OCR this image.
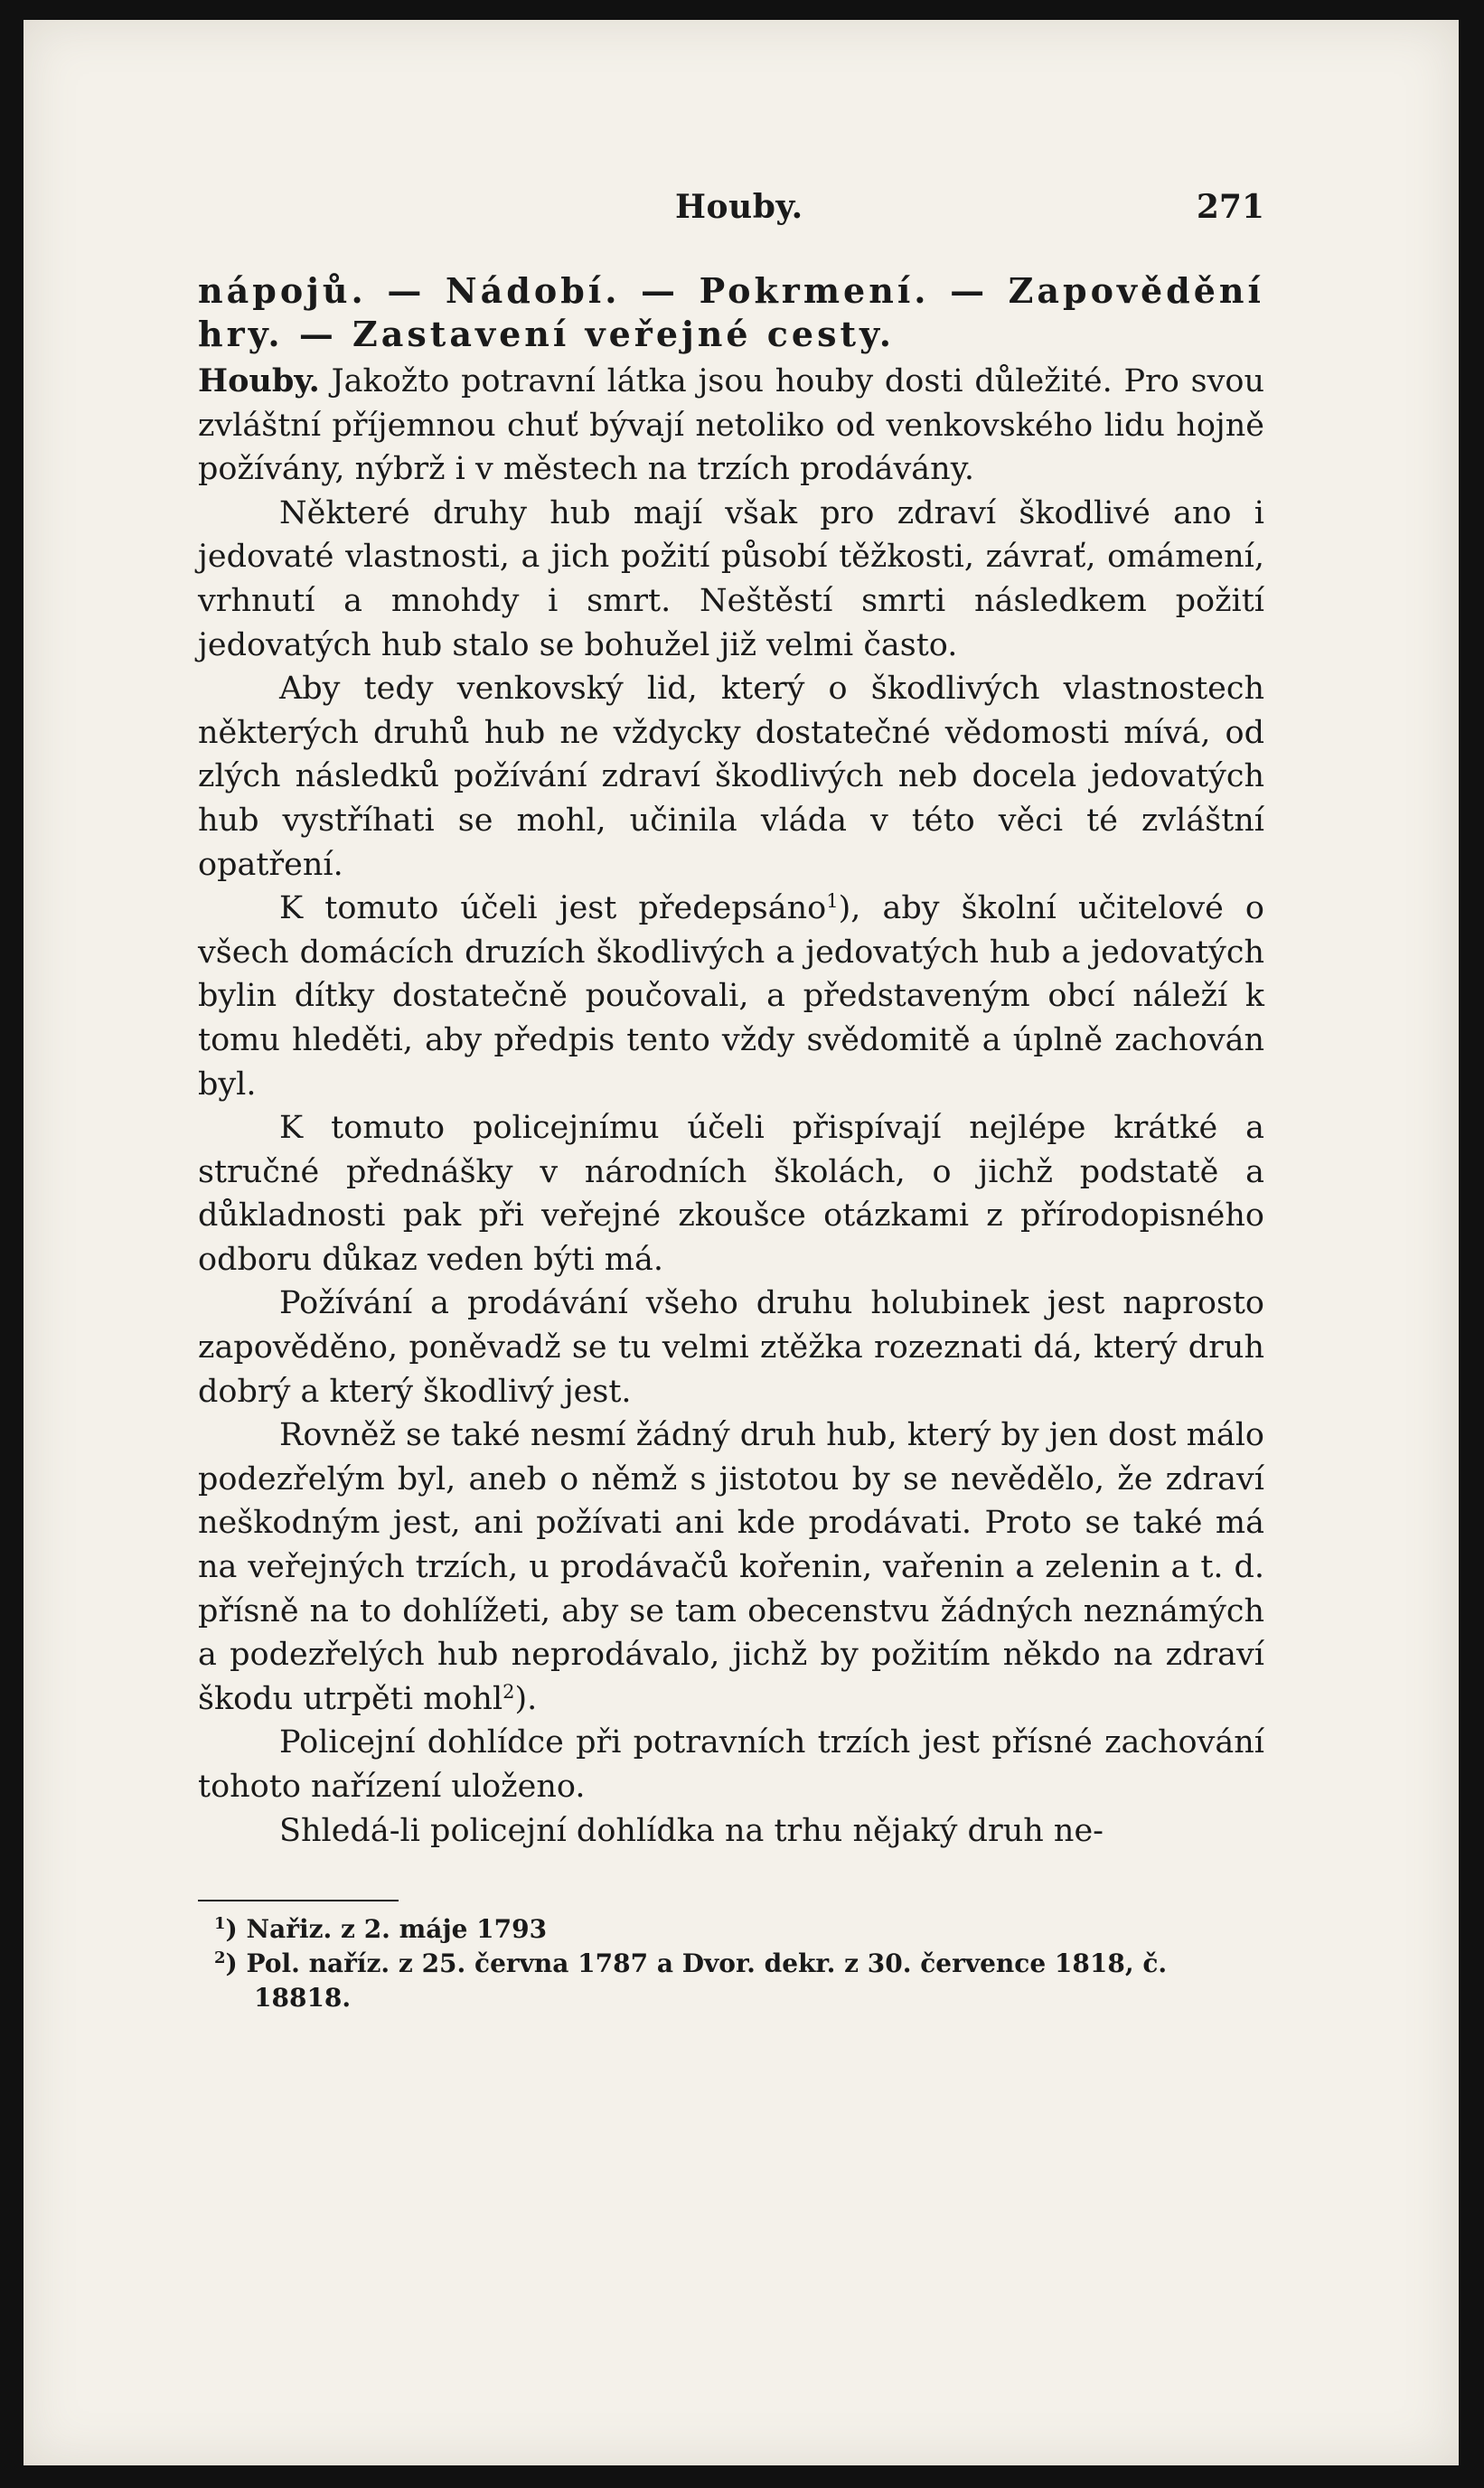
Houby.	271
nápojů. — Nádobí. — Pokrmení. — Zapovědění hry. — Zastavení veřejné cesty.

Houby. Jakožto potravní látka jsou houby dosti důležité. Pro svou zvláštní příjemnou chuť bývají netoliko od venkovského lidu hojně požívány, nýbrž i v městech na trzích prodávány.

Některé druhy hub mají však pro zdraví škodlivé ano i jedovaté vlastnosti, a jich požití působí těžkosti, závrať, omámení, vrhnutí a mnohdy i smrt. Neštěstí smrti následkem požití jedovatých hub stalo se bohužel již velmi často.

Aby tedy venkovský lid, který o škodlivých vlastnostech některých druhů hub ne vždycky dostatečné vědomosti mívá, od zlých následků požívání zdraví škodlivých neb docela jedovatých hub vystříhati se mohl, učinila vláda v této věci té zvláštní opatření.

K tomuto účeli jest předepsáno$^1$), aby školní učitelové o všech domácích druzích škodlivých a jedovatých hub a jedovatých bylin dítky dostatečně poučovali, a představeným obcí náleží k tomu hleděti, aby předpis tento vždy svědomitě a úplně zachován byl.

K tomuto policejnímu účeli přispívají nejlépe krátké a stručné přednášky v národních školách, o jichž podstatě a důkladnosti pak při veřejné zkoušce otázkami z přírodopisného odboru důkaz veden býti má.

Požívání a prodávání všeho druhu holubinek jest naprosto zapověděno, poněvadž se tu velmi ztěžka rozeznati dá, který druh dobrý a který škodlivý jest.

Rovněž se také nesmí žádný druh hub, který by jen dost málo podezřelým byl, aneb o němž s jistotou by se nevědělo, že zdraví neškodným jest, ani požívati ani kde prodávati. Proto se také má na veřejných trzích, u prodávačů kořenin, vařenin a zelenin a t. d. přísně na to dohlížeti, aby se tam obecenstvu žádných neznámých a podezřelých hub neprodávalo, jichž by požitím někdo na zdraví škodu utrpěti mohl$^2$).

Policejní dohlídce při potravních trzích jest přísné zachování tohoto nařízení uloženo.

Shledá-li policejní dohlídka na trhu nějaký druh ne-

$^1$) Nařiz. z 2. máje 1793

$^2$) Pol. naříz. z 25. června 1787 a Dvor. dekr. z 30. července 1818, č. 18818.
